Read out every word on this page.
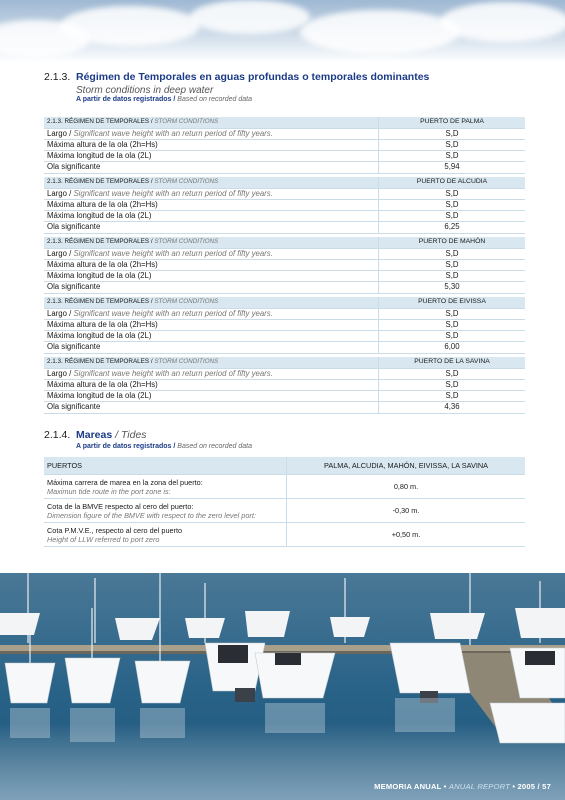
2.1.3. Régimen de Temporales en aguas profundas o temporales dominantes
Storm conditions in deep water
A partir de datos registrados / Based on recorded data
2.1.3. RÉGIMEN DE TEMPORALES / STORM CONDITIONS	PUERTO DE PALMA
Largo / Significant wave height with an return period of fifty years.	S,D
Máxima altura de la ola (2h=Hs)	S,D
Máxima longitud de la ola (2L)	S,D
Ola significante	5,94
2.1.3. RÉGIMEN DE TEMPORALES / STORM CONDITIONS	PUERTO DE ALCUDIA
Largo / Significant wave height with an return period of fifty years.	S,D
Máxima altura de la ola (2h=Hs)	S,D
Máxima longitud de la ola (2L)	S,D
Ola significante	6,25
2.1.3. RÉGIMEN DE TEMPORALES / STORM CONDITIONS	PUERTO DE MAHÓN
Largo / Significant wave height with an return period of fifty years.	S,D
Máxima altura de la ola (2h=Hs)	S,D
Máxima longitud de la ola (2L)	S,D
Ola significante	5,30
2.1.3. RÉGIMEN DE TEMPORALES / STORM CONDITIONS	PUERTO DE EIVISSA
Largo / Significant wave height with an return period of fifty years.	S,D
Máxima altura de la ola (2h=Hs)	S,D
Máxima longitud de la ola (2L)	S,D
Ola significante	6,00
2.1.3. RÉGIMEN DE TEMPORALES / STORM CONDITIONS	PUERTO DE LA SAVINA
Largo / Significant wave height with an return period of fifty years.	S,D
Máxima altura de la ola (2h=Hs)	S,D
Máxima longitud de la ola (2L)	S,D
Ola significante	4,36
2.1.4. Mareas / Tides
A partir de datos registrados / Based on recorded data
PUERTOS	PALMA, ALCUDIA, MAHÓN, EIVISSA, LA SAVINA

Máxima carrera de marea en la zona del puerto:
Maximun tide route in the port zone is:	0,80 m.

Cota de la BMVE respecto al cero del puerto:
Dimension figure of the BMVE with respect to the zero level port:	-0,30 m.

Cota P.M.V.E., respecto al cero del puerto
Height of LLW referred to port zero	+0,50 m.
MEMORIA ANUAL • ANUAL REPORT • 2005 / 57
